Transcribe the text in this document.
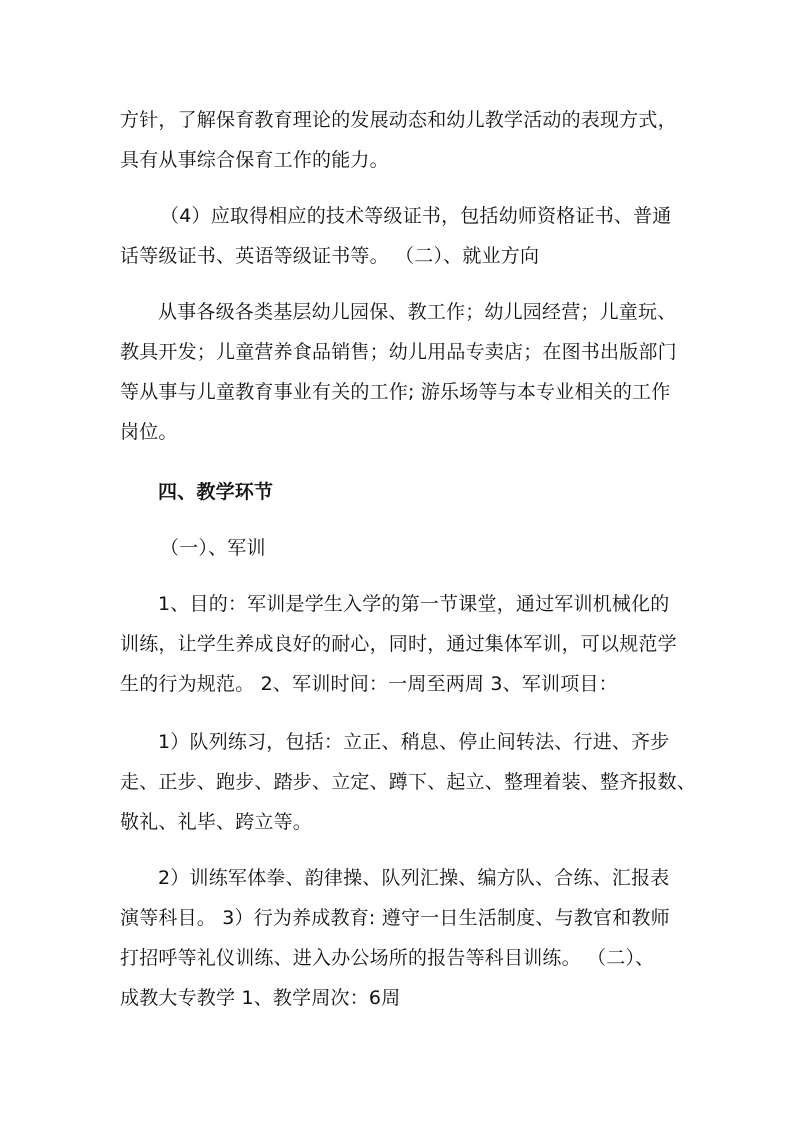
方针，了解保育教育理论的发展动态和幼儿教学活动的表现方式，
具有从事综合保育工作的能力。
（4）应取得相应的技术等级证书，包括幼师资格证书、普通
话等级证书、英语等级证书等。 （二）、就业方向
从事各级各类基层幼儿园保、教工作；幼儿园经营；儿童玩、
教具开发；儿童营养食品销售；幼儿用品专卖店；在图书出版部门
等从事与儿童教育事业有关的工作; 游乐场等与本专业相关的工作
岗位。
四、教学环节
（一）、军训
1、目的：军训是学生入学的第一节课堂，通过军训机械化的
训练，让学生养成良好的耐心，同时，通过集体军训，可以规范学
生的行为规范。 2、军训时间：一周至两周 3、军训项目：
1）队列练习，包括：立正、稍息、停止间转法、行进、齐步
走、正步、跑步、踏步、立定、蹲下、起立、整理着装、整齐报数、
敬礼、礼毕、跨立等。
2）训练军体拳、韵律操、队列汇操、编方队、合练、汇报表
演等科目。 3）行为养成教育: 遵守一日生活制度、与教官和教师
打招呼等礼仪训练、进入办公场所的报告等科目训练。 （二）、
成教大专教学 1、教学周次：6周
